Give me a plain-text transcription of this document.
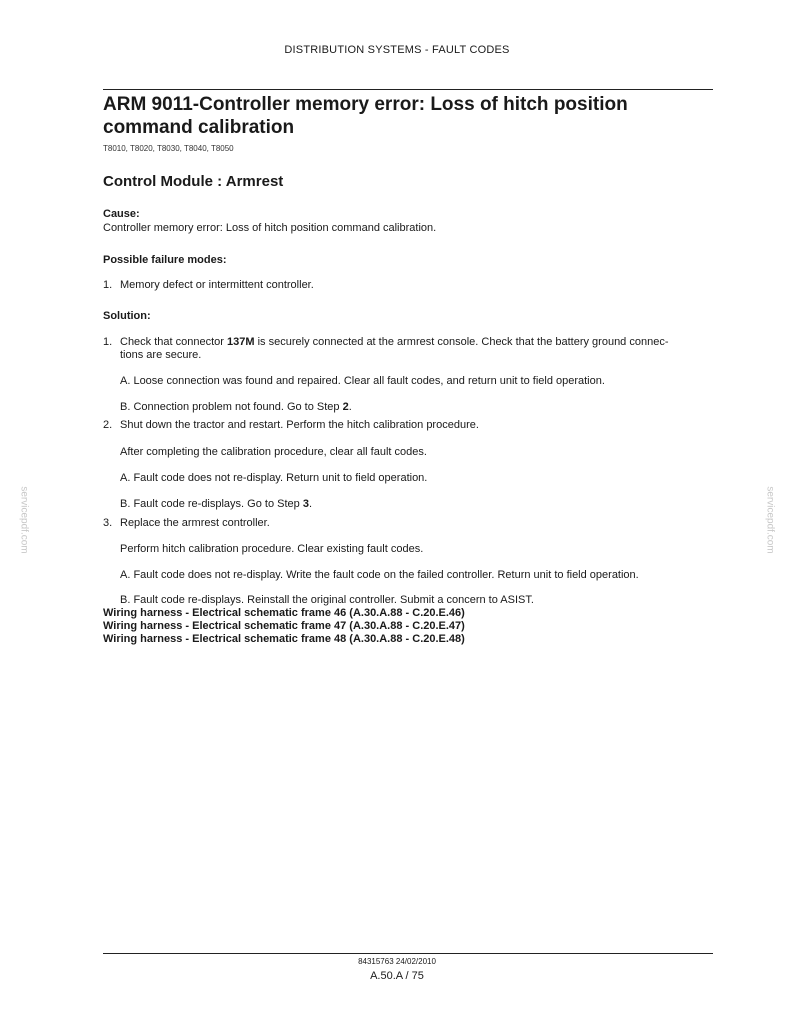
DISTRIBUTION SYSTEMS - FAULT CODES
ARM 9011-Controller memory error: Loss of hitch position
command calibration
T8010, T8020, T8030, T8040, T8050
Control Module : Armrest
Cause:
Controller memory error: Loss of hitch position command calibration.
Possible failure modes:
1. Memory defect or intermittent controller.
Solution:
1. Check that connector 137M is securely connected at the armrest console. Check that the battery ground connec-
tions are secure.
A. Loose connection was found and repaired. Clear all fault codes, and return unit to field operation.
B. Connection problem not found. Go to Step 2.
2. Shut down the tractor and restart. Perform the hitch calibration procedure.
After completing the calibration procedure, clear all fault codes.
A. Fault code does not re-display. Return unit to field operation.
B. Fault code re-displays. Go to Step 3.
3. Replace the armrest controller.
Perform hitch calibration procedure. Clear existing fault codes.
A. Fault code does not re-display. Write the fault code on the failed controller. Return unit to field operation.
B. Fault code re-displays. Reinstall the original controller. Submit a concern to ASIST.
Wiring harness - Electrical schematic frame 46 (A.30.A.88 - C.20.E.46)
Wiring harness - Electrical schematic frame 47 (A.30.A.88 - C.20.E.47)
Wiring harness - Electrical schematic frame 48 (A.30.A.88 - C.20.E.48)
servicepdf.com	servicepdf.com
84315763 24/02/2010
A.50.A / 75
